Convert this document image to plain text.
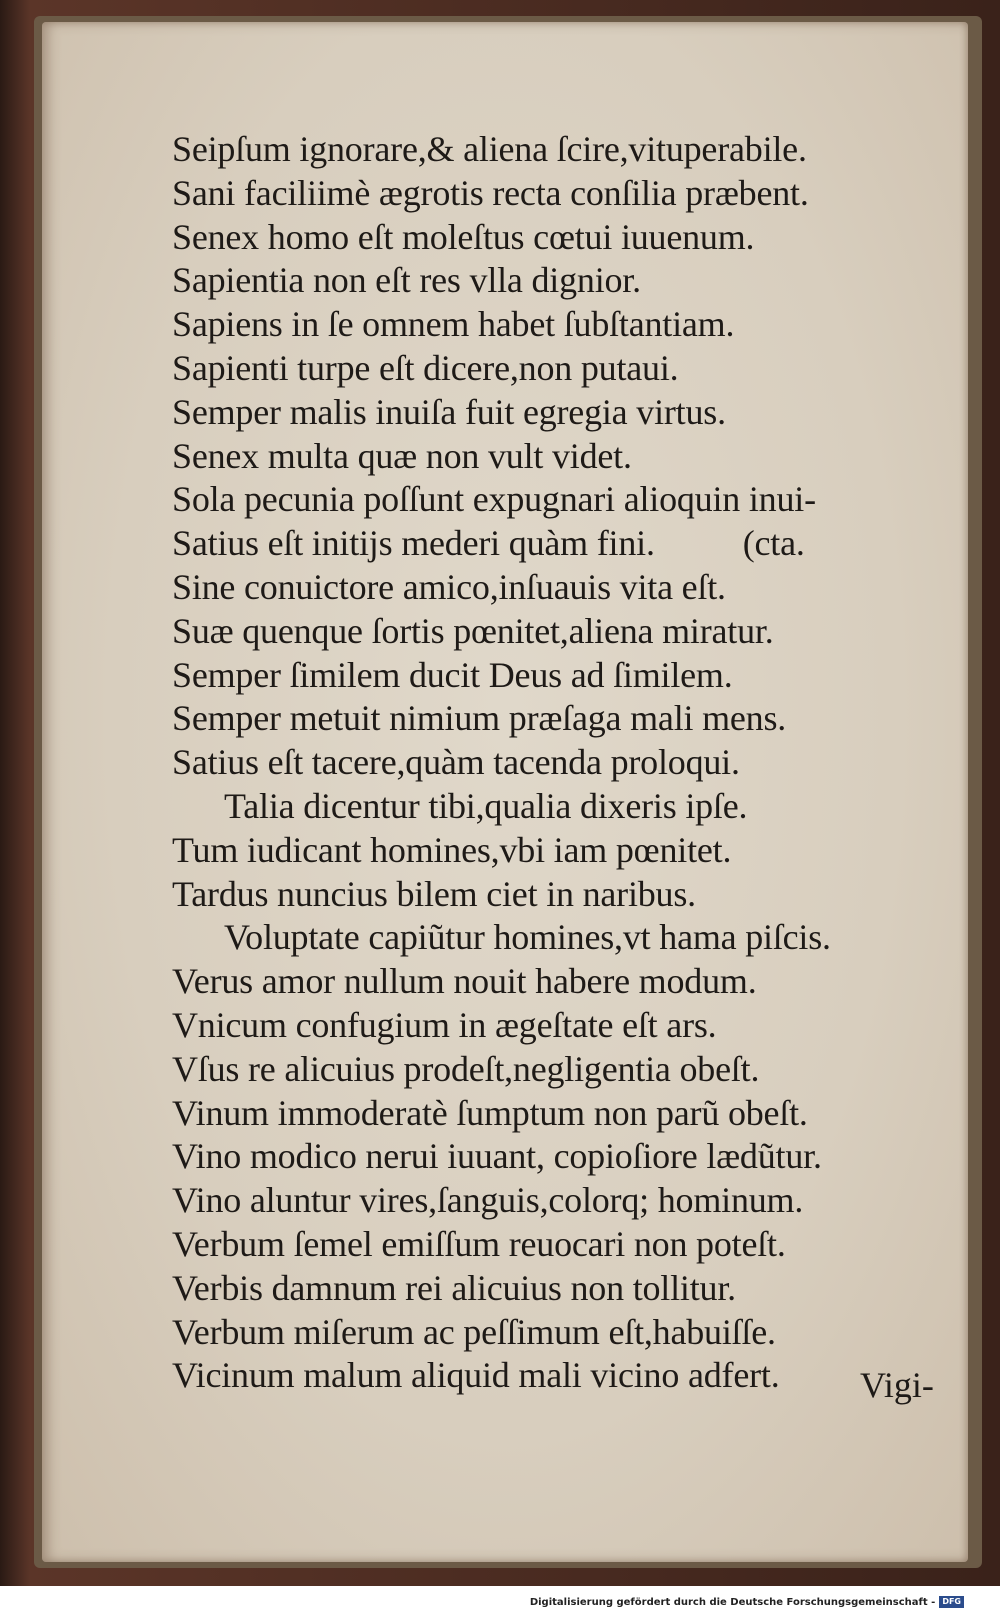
Seipſum ignorare,& aliena ſcire,vituperabile.
Sani faciliimè ægrotis recta conſilia præbent.
Senex homo eſt moleſtus cœtui iuuenum.
Sapientia non eſt res vlla dignior.
Sapiens in ſe omnem habet ſubſtantiam.
Sapienti turpe eſt dicere,non putaui.
Semper malis inuiſa fuit egregia virtus.
Senex multa quæ non vult videt.
Sola pecunia poſſunt expugnari alioquin inui-
Satius eſt initijs mederi quàm fini.          (cta.
Sine conuictore amico,inſuauis vita eſt.
Suæ quenque ſortis pœnitet,aliena miratur.
Semper ſimilem ducit Deus ad ſimilem.
Semper metuit nimium præſaga mali mens.
Satius eſt tacere,quàm tacenda proloqui.
Talia dicentur tibi,qualia dixeris ipſe.
Tum iudicant homines,vbi iam pœnitet.
Tardus nuncius bilem ciet in naribus.
Voluptate capiũtur homines,vt hama piſcis.
Verus amor nullum nouit habere modum.
Vnicum confugium in ægeſtate eſt ars.
Vſus re alicuius prodeſt,negligentia obeſt.
Vinum immoderatè ſumptum non parũ obeſt.
Vino modico nerui iuuant, copioſiore lædũtur.
Vino aluntur vires,ſanguis,colorq; hominum.
Verbum ſemel emiſſum reuocari non poteſt.
Verbis damnum rei alicuius non tollitur.
Verbum miſerum ac peſſimum eſt,habuiſſe.
Vicinum malum aliquid mali vicino adfert.	Vigi-
Digitalisierung gefördert durch die Deutsche Forschungsgemeinschaft - DFG
